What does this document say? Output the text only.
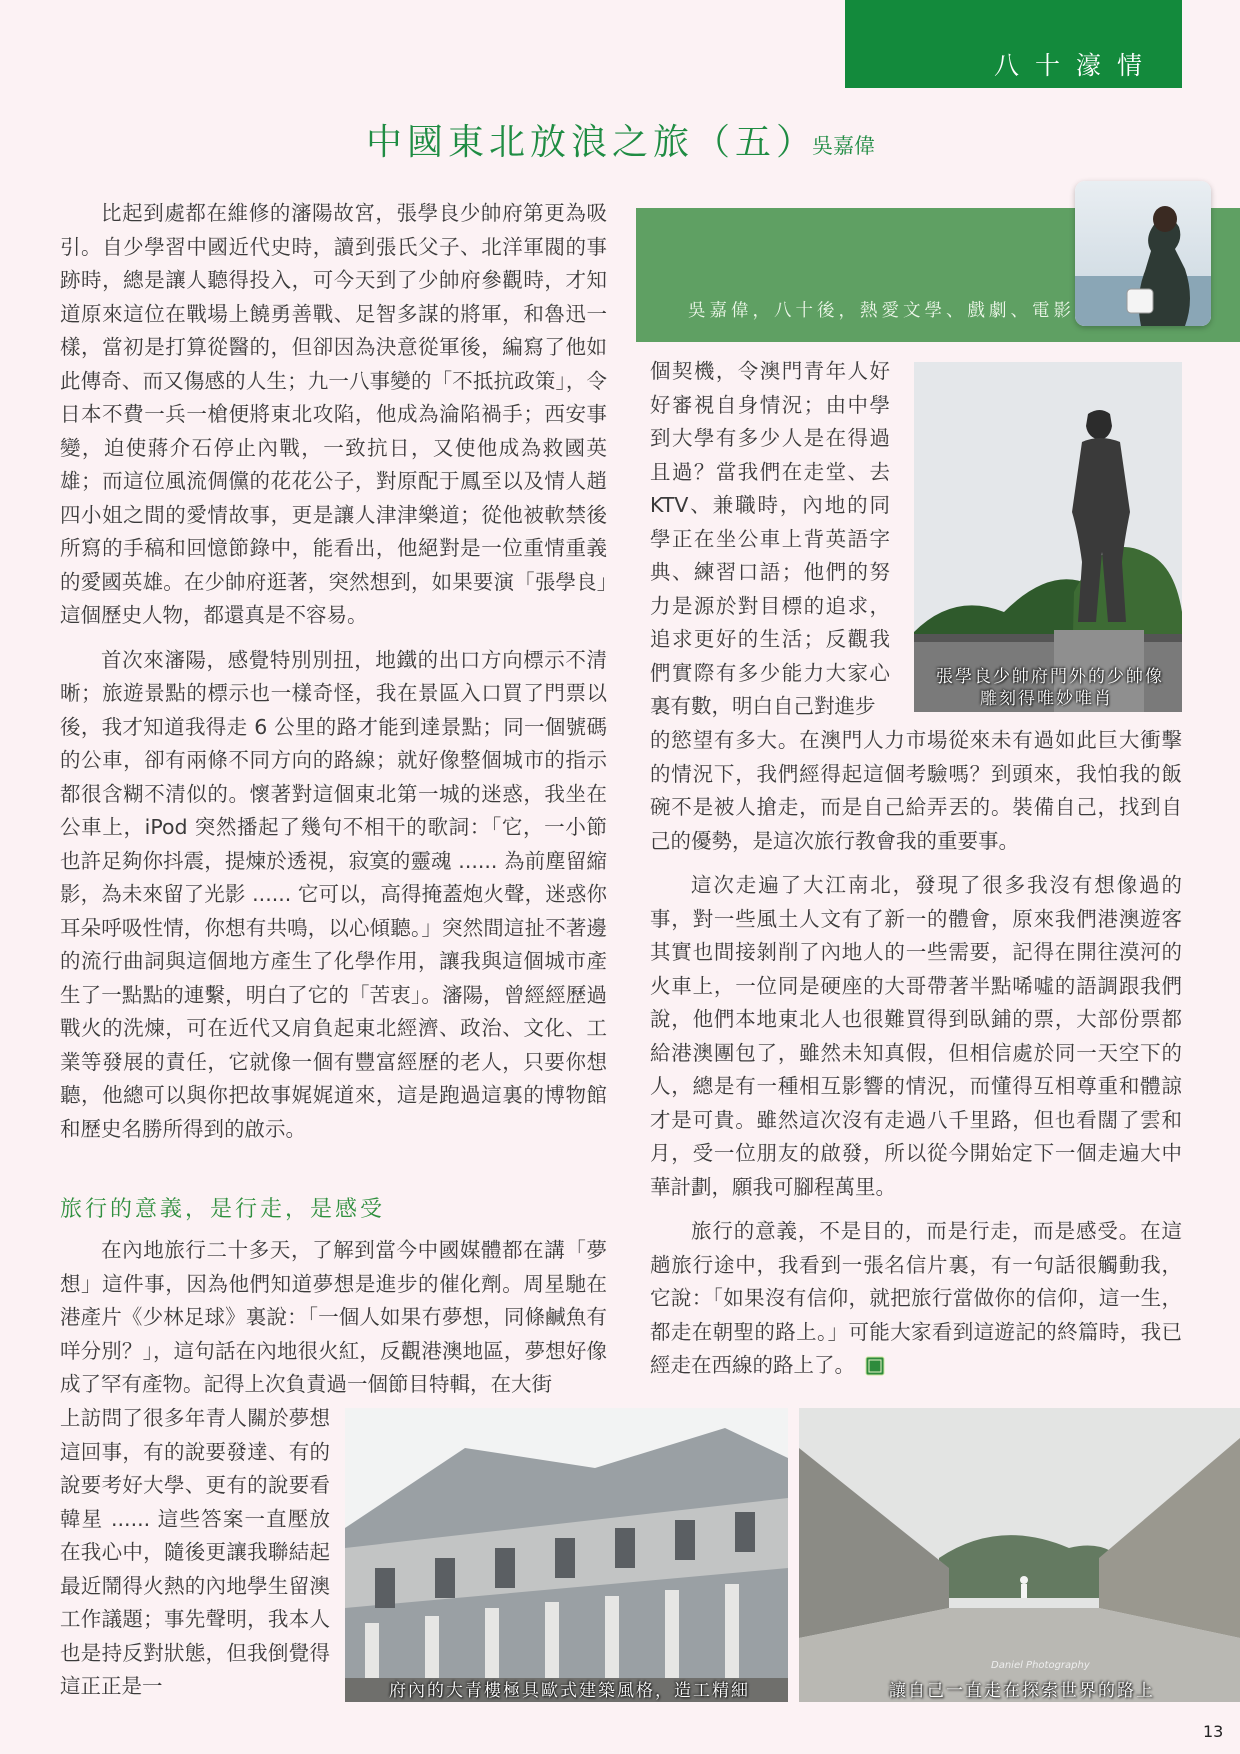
八十濠情
中國東北放浪之旅（五）
吳嘉偉
吳嘉偉，八十後，熱愛文學、戲劇、電影

比起到處都在維修的瀋陽故宮，張學良少帥府第更為吸引。自少學習中國近代史時，讀到張氏父子、北洋軍閥的事跡時，總是讓人聽得投入，可今天到了少帥府參觀時，才知道原來這位在戰場上饒勇善戰、足智多謀的將軍，和魯迅一樣，當初是打算從醫的，但卻因為決意從軍後，編寫了他如此傳奇、而又傷感的人生；九一八事變的「不抵抗政策」，令日本不費一兵一槍便將東北攻陷，他成為淪陷禍手；西安事變，迫使蔣介石停止內戰，一致抗日，又使他成為救國英雄；而這位風流倜儻的花花公子，對原配于鳳至以及情人趙四小姐之間的愛情故事，更是讓人津津樂道；從他被軟禁後所寫的手稿和回憶節錄中，能看出，他絕對是一位重情重義的愛國英雄。在少帥府逛著，突然想到，如果要演「張學良」這個歷史人物，都還真是不容易。

首次來瀋陽，感覺特別別扭，地鐵的出口方向標示不清晰；旅遊景點的標示也一樣奇怪，我在景區入口買了門票以後，我才知道我得走 6 公里的路才能到達景點；同一個號碼的公車，卻有兩條不同方向的路線；就好像整個城市的指示都很含糊不清似的。懷著對這個東北第一城的迷惑，我坐在公車上，iPod 突然播起了幾句不相干的歌詞：「它，一小節也許足夠你抖震，提煉於透視，寂寞的靈魂 ...... 為前塵留縮影，為未來留了光影 ...... 它可以，高得掩蓋炮火聲，迷惑你耳朵呼吸性情，你想有共鳴，以心傾聽。」突然間這扯不著邊的流行曲詞與這個地方產生了化學作用，讓我與這個城市產生了一點點的連繫，明白了它的「苦衷」。瀋陽，曾經經歷過戰火的洗煉，可在近代又肩負起東北經濟、政治、文化、工業等發展的責任，它就像一個有豐富經歷的老人，只要你想聽，他總可以與你把故事娓娓道來，這是跑過這裏的博物館和歷史名勝所得到的啟示。

旅行的意義，是行走，是感受

在內地旅行二十多天，了解到當今中國媒體都在講「夢想」這件事，因為他們知道夢想是進步的催化劑。周星馳在港產片《少林足球》裏說：「一個人如果冇夢想，同條鹹魚有咩分別？」，這句話在內地很火紅，反觀港澳地區，夢想好像成了罕有產物。記得上次負責過一個節目特輯，在大街

上訪問了很多年青人關於夢想這回事，有的說要發達、有的說要考好大學、更有的說要看韓星 ...... 這些答案一直壓放在我心中，隨後更讓我聯結起最近鬧得火熱的內地學生留澳工作議題；事先聲明，我本人也是持反對狀態，但我倒覺得這正正是一

個契機，令澳門青年人好好審視自身情況；由中學到大學有多少人是在得過且過？當我們在走堂、去KTV、兼職時，內地的同學正在坐公車上背英語字典、練習口語；他們的努力是源於對目標的追求，追求更好的生活；反觀我們實際有多少能力大家心裏有數，明白自己對進步

張學良少帥府門外的少帥像
雕刻得唯妙唯肖

的慾望有多大。在澳門人力市場從來未有過如此巨大衝擊的情況下，我們經得起這個考驗嗎？到頭來，我怕我的飯碗不是被人搶走，而是自己給弄丟的。裝備自己，找到自己的優勢，是這次旅行教會我的重要事。

這次走遍了大江南北，發現了很多我沒有想像過的事，對一些風土人文有了新一的體會，原來我們港澳遊客其實也間接剝削了內地人的一些需要，記得在開往漠河的火車上，一位同是硬座的大哥帶著半點唏噓的語調跟我們說，他們本地東北人也很難買得到臥鋪的票，大部份票都給港澳團包了，雖然未知真假，但相信處於同一天空下的人，總是有一種相互影響的情況，而懂得互相尊重和體諒才是可貴。雖然這次沒有走過八千里路，但也看闊了雲和月，受一位朋友的啟發，所以從今開始定下一個走遍大中華計劃，願我可腳程萬里。

旅行的意義，不是目的，而是行走，而是感受。在這趟旅行途中，我看到一張名信片裏，有一句話很觸動我，它說：「如果沒有信仰，就把旅行當做你的信仰，這一生，都走在朝聖的路上。」可能大家看到這遊記的終篇時，我已經走在西線的路上了。

府內的大青樓極具歐式建築風格，造工精細
Daniel Photography
讓自己一直走在探索世界的路上
13
